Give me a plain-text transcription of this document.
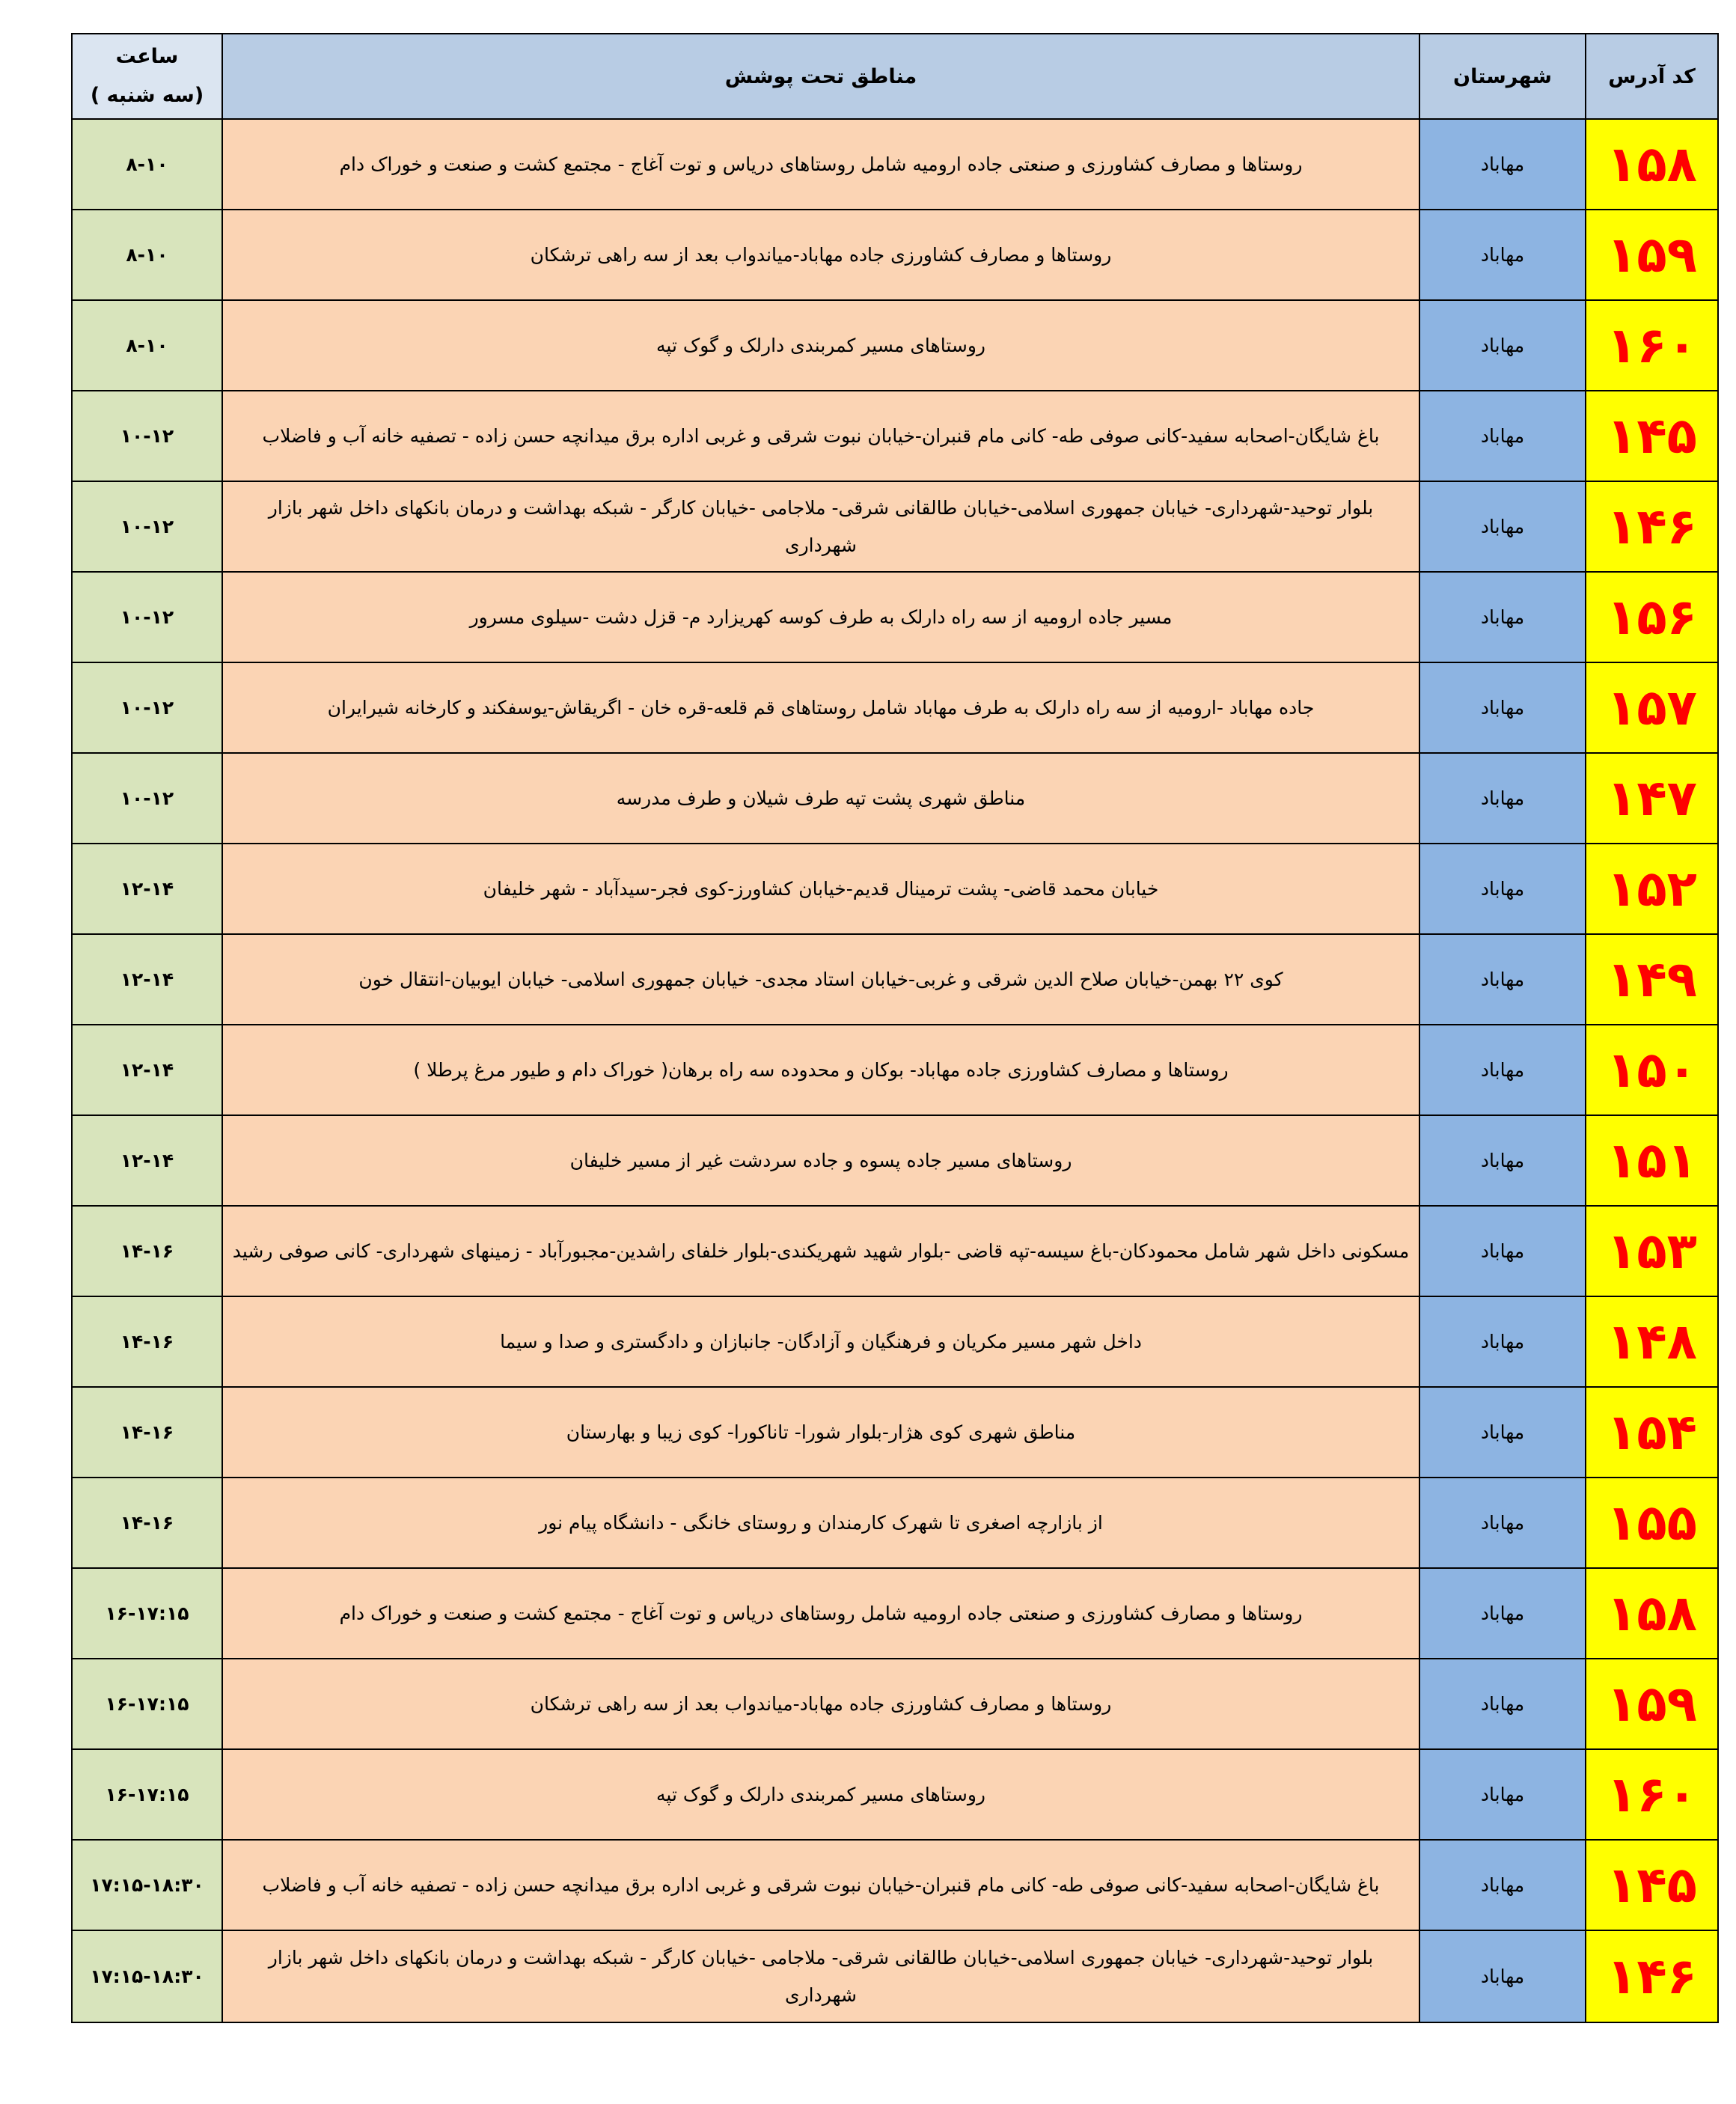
کد آدرس	شهرستان	مناطق تحت پوشش	ساعت
(سه شنبه )

۱۵۸	مهاباد	روستاها و مصارف کشاورزی و صنعتی جاده ارومیه شامل روستاهای دریاس و توت آغاج - مجتمع کشت و صنعت و خوراک دام	۸-۱۰
۱۵۹	مهاباد	روستاها و مصارف کشاورزی جاده مهاباد-میاندواب بعد از سه راهی ترشکان	۸-۱۰
۱۶۰	مهاباد	روستاهای مسیر کمربندی دارلک و گوک تپه	۸-۱۰
۱۴۵	مهاباد	باغ شایگان-اصحابه سفید-کانی صوفی طه- کانی مام قنبران-خیابان نبوت شرقی و غربی اداره برق میدانچه حسن زاده - تصفیه خانه آب و فاضلاب	۱۰-۱۲
۱۴۶	مهاباد	بلوار توحید-شهرداری- خیابان جمهوری اسلامی-خیابان طالقانی شرقی- ملاجامی -خیابان کارگر - شبکه بهداشت و درمان بانکهای داخل شهر بازار شهرداری	۱۰-۱۲
۱۵۶	مهاباد	مسیر جاده ارومیه از سه راه دارلک به طرف کوسه کهریزارد م- قزل دشت -سیلوی مسرور	۱۰-۱۲
۱۵۷	مهاباد	جاده مهاباد -ارومیه از سه راه دارلک به طرف مهاباد شامل روستاهای قم قلعه-قره خان - اگریقاش-یوسفکند و کارخانه شیرایران	۱۰-۱۲
۱۴۷	مهاباد	مناطق شهری پشت تپه طرف شیلان و طرف مدرسه	۱۰-۱۲
۱۵۲	مهاباد	خیابان محمد قاضی- پشت ترمینال قدیم-خیابان کشاورز-کوی فجر-سیدآباد - شهر خلیفان	۱۲-۱۴
۱۴۹	مهاباد	کوی ۲۲ بهمن-خیابان صلاح الدین شرقی و غربی-خیابان استاد مجدی- خیابان جمهوری اسلامی- خیابان ایوبیان-انتقال خون	۱۲-۱۴
۱۵۰	مهاباد	روستاها و مصارف کشاورزی جاده مهاباد- بوکان و محدوده سه راه برهان( خوراک دام و طیور مرغ پرطلا )	۱۲-۱۴
۱۵۱	مهاباد	روستاهای مسیر جاده پسوه و جاده سردشت غیر از مسیر خلیفان	۱۲-۱۴
۱۵۳	مهاباد	مسکونی داخل شهر شامل محمودکان-باغ سیسه-تپه قاضی -بلوار شهید شهریکندی-بلوار خلفای راشدین-مجبورآباد - زمینهای شهرداری- کانی صوفی رشید	۱۴-۱۶
۱۴۸	مهاباد	داخل شهر مسیر مکریان و فرهنگیان و آزادگان- جانبازان و دادگستری و صدا و سیما	۱۴-۱۶
۱۵۴	مهاباد	مناطق شهری کوی هژار-بلوار شورا- تاناکورا- کوی زیبا و بهارستان	۱۴-۱۶
۱۵۵	مهاباد	از بازارچه اصغری تا شهرک کارمندان و روستای خانگی - دانشگاه پیام نور	۱۴-۱۶
۱۵۸	مهاباد	روستاها و مصارف کشاورزی و صنعتی جاده ارومیه شامل روستاهای دریاس و توت آغاج - مجتمع کشت و صنعت و خوراک دام	۱۶-۱۷:۱۵
۱۵۹	مهاباد	روستاها و مصارف کشاورزی جاده مهاباد-میاندواب بعد از سه راهی ترشکان	۱۶-۱۷:۱۵
۱۶۰	مهاباد	روستاهای مسیر کمربندی دارلک و گوک تپه	۱۶-۱۷:۱۵
۱۴۵	مهاباد	باغ شایگان-اصحابه سفید-کانی صوفی طه- کانی مام قنبران-خیابان نبوت شرقی و غربی اداره برق میدانچه حسن زاده - تصفیه خانه آب و فاضلاب	۱۷:۱۵-۱۸:۳۰
۱۴۶	مهاباد	بلوار توحید-شهرداری- خیابان جمهوری اسلامی-خیابان طالقانی شرقی- ملاجامی -خیابان کارگر - شبکه بهداشت و درمان بانکهای داخل شهر بازار شهرداری	۱۷:۱۵-۱۸:۳۰
